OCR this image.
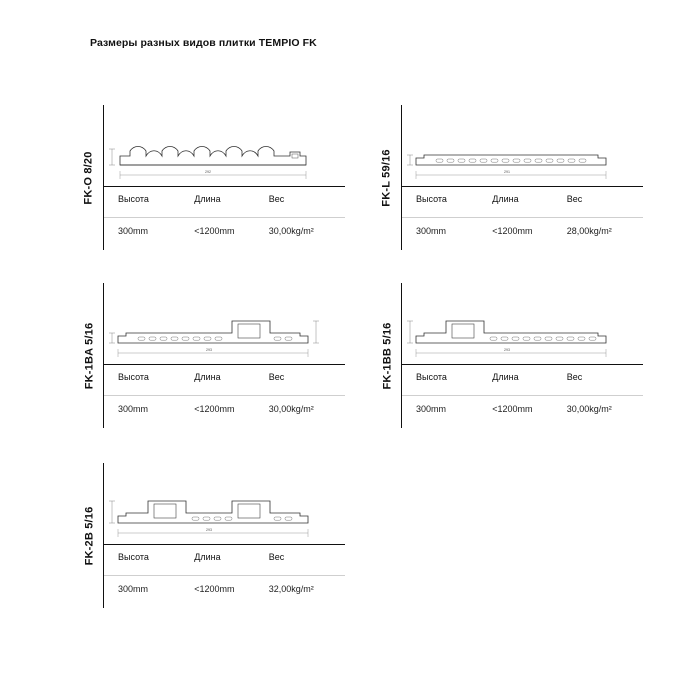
Размеры разных видов плитки TEMPIO FK
FK-O 8/20	292
Высота	Длина	Вес
300mm	<1200mm	30,00kg/m²
FK-L 59/16	291
Высота	Длина	Вес
300mm	<1200mm	28,00kg/m²
FK-1BA 5/16	293
Высота	Длина	Вес
300mm	<1200mm	30,00kg/m²
FK-1BB 5/16	293
Высота	Длина	Вес
300mm	<1200mm	30,00kg/m²
FK-2B 5/16	293
Высота	Длина	Вес
300mm	<1200mm	32,00kg/m²
